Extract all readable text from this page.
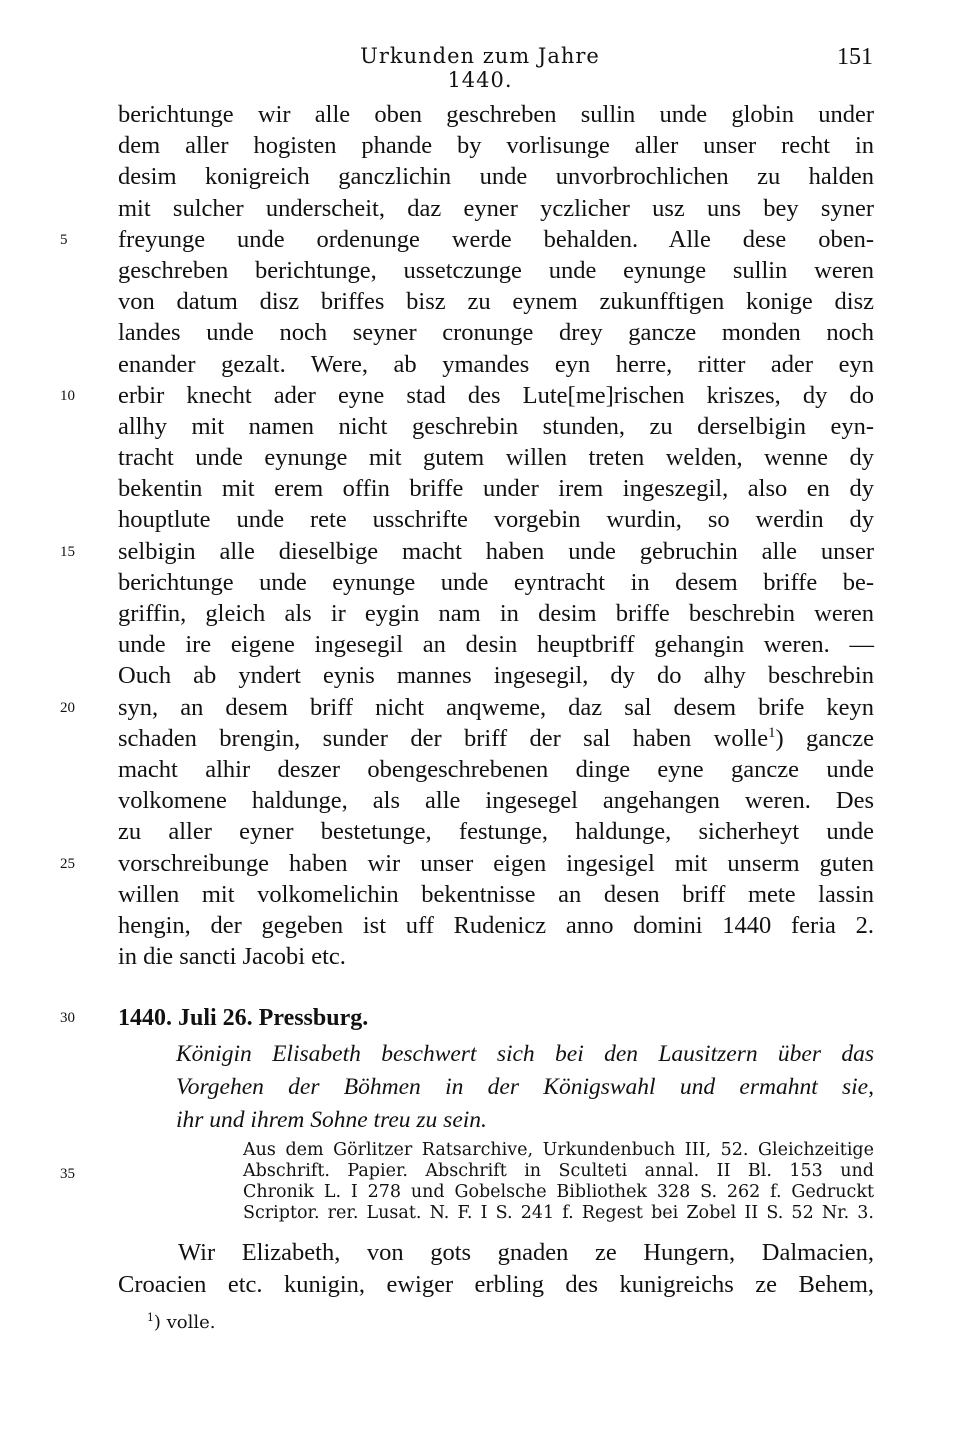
Urkunden zum Jahre 1440.
151
berichtunge wir alle oben geschreben sullin unde globin under
dem aller hogisten phande by vorlisunge aller unser recht in
desim konigreich ganczlichin unde unvorbrochlichen zu halden
mit sulcher underscheit, daz eyner yczlicher usz uns bey syner
freyunge unde ordenunge werde behalden. Alle dese oben-
geschreben berichtunge, ussetczunge unde eynunge sullin weren
von datum disz briffes bisz zu eynem zukunfftigen konige disz
landes unde noch seyner cronunge drey gancze monden noch
enander gezalt. Were, ab ymandes eyn herre, ritter ader eyn
erbir knecht ader eyne stad des Lute[me]rischen kriszes, dy do
allhy mit namen nicht geschrebin stunden, zu derselbigin eyn-
tracht unde eynunge mit gutem willen treten welden, wenne dy
bekentin mit erem offin briffe under irem ingeszegil, also en dy
houptlute unde rete usschrifte vorgebin wurdin, so werdin dy
selbigin alle dieselbige macht haben unde gebruchin alle unser
berichtunge unde eynunge unde eyntracht in desem briffe be-
griffin, gleich als ir eygin nam in desim briffe beschrebin weren
unde ire eigene ingesegil an desin heuptbriff gehangin weren. —
Ouch ab yndert eynis mannes ingesegil, dy do alhy beschrebin
syn, an desem briff nicht anqweme, daz sal desem brife keyn
schaden brengin, sunder der briff der sal haben wolle$^1$) gancze
macht alhir deszer obengeschrebenen dinge eyne gancze unde
volkomene haldunge, als alle ingesegel angehangen weren. Des
zu aller eyner bestetunge, festunge, haldunge, sicherheyt unde
vorschreibunge haben wir unser eigen ingesigel mit unserm guten
willen mit volkomelichin bekentnisse an desen briff mete lassin
hengin, der gegeben ist uff Rudenicz anno domini 1440 feria 2.
in die sancti Jacobi etc.
5
10
15
20
25
30
35
1440. Juli 26. Pressburg.
Königin Elisabeth beschwert sich bei den Lausitzern über das
Vorgehen der Böhmen in der Königswahl und ermahnt sie,
ihr und ihrem Sohne treu zu sein.
Aus dem Görlitzer Ratsarchive, Urkundenbuch III, 52. Gleichzeitige
Abschrift. Papier. Abschrift in Sculteti annal. II Bl. 153 und
Chronik L. I 278 und Gobelsche Bibliothek 328 S. 262 f. Gedruckt
Scriptor. rer. Lusat. N. F. I S. 241 f. Regest bei Zobel II S. 52 Nr. 3.
Wir Elizabeth, von gots gnaden ze Hungern, Dalmacien,
Croacien etc. kunigin, ewiger erbling des kunigreichs ze Behem,
$^1$) volle.
